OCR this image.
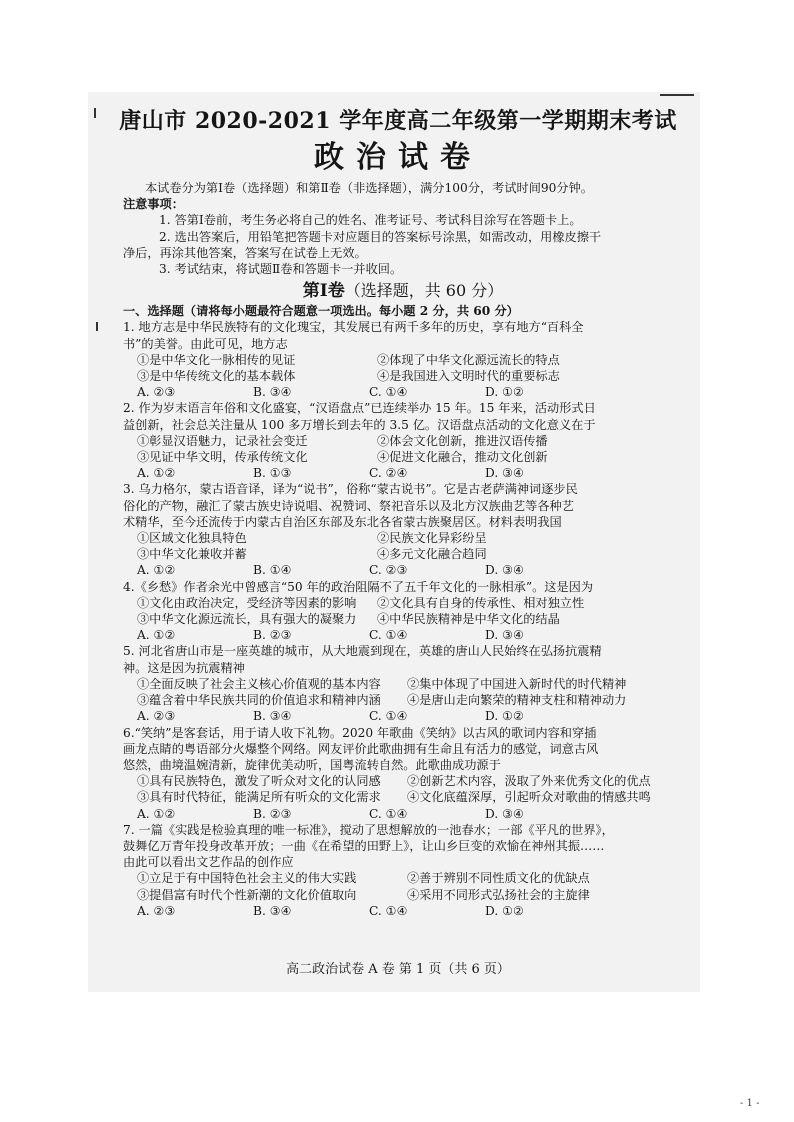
唐山市 2020-2021 学年度高二年级第一学期期末考试
政治试卷

本试卷分为第Ⅰ卷（选择题）和第Ⅱ卷（非选择题），满分100分，考试时间90分钟。

注意事项：

1. 答第Ⅰ卷前，考生务必将自己的姓名、准考证号、考试科目涂写在答题卡上。

2. 选出答案后，用铅笔把答题卡对应题目的答案标号涂黑，如需改动，用橡皮擦干

净后，再涂其他答案，答案写在试卷上无效。

3. 考试结束，将试题Ⅱ卷和答题卡一并收回。

第Ⅰ卷（选择题，共 60 分）

一、选择题（请将每小题最符合题意一项选出。每小题 2 分，共 60 分）

1. 地方志是中华民族特有的文化瑰宝，其发展已有两千多年的历史，享有地方“百科全

书”的美誉。由此可见，地方志

①是中华文化一脉相传的见证	②体现了中华文化源远流长的特点
③是中华传统文化的基本载体	④是我国进入文明时代的重要标志
A. ②③	B. ③④	C. ①④	D. ①②

2. 作为岁末语言年俗和文化盛宴，“汉语盘点”已连续举办 15 年。15 年来，活动形式日

益创新，社会总关注量从 100 多万增长到去年的 3.5 亿。汉语盘点活动的文化意义在于

①彰显汉语魅力，记录社会变迁	②体会文化创新，推进汉语传播
③见证中华文明，传承传统文化	④促进文化融合，推动文化创新
A. ①②	B. ①③	C. ②④	D. ③④

3. 乌力格尔，蒙古语音译，译为“说书”，俗称“蒙古说书”。它是古老萨满神词逐步民

俗化的产物，融汇了蒙古族史诗说唱、祝赞词、祭祀音乐以及北方汉族曲艺等各种艺

术精华，至今还流传于内蒙古自治区东部及东北各省蒙古族聚居区。材料表明我国

①区域文化独具特色	②民族文化异彩纷呈
③中华文化兼收并蓄	④多元文化融合趋同
A. ①②	B. ①④	C. ②③	D. ③④

4.《乡愁》作者余光中曾感言“50 年的政治阻隔不了五千年文化的一脉相承”。这是因为

①文化由政治决定，受经济等因素的影响	②文化具有自身的传承性、相对独立性
③中华文化源远流长，具有强大的凝聚力	④中华民族精神是中华文化的结晶
A. ①②	B. ②③	C. ①④	D. ③④

5. 河北省唐山市是一座英雄的城市，从大地震到现在，英雄的唐山人民始终在弘扬抗震精

神。这是因为抗震精神

①全面反映了社会主义核心价值观的基本内容	②集中体现了中国进入新时代的时代精神
③蕴含着中华民族共同的价值追求和精神内涵	④是唐山走向繁荣的精神支柱和精神动力
A. ②③	B. ③④	C. ①④	D. ①②

6.“笑纳”是客套话，用于请人收下礼物。2020 年歌曲《笑纳》以古风的歌词内容和穿插

画龙点睛的粤语部分火爆整个网络。网友评价此歌曲拥有生命且有活力的感觉，词意古风

悠然，曲境温婉清新，旋律优美动听，国粤流转自然。此歌曲成功源于

①具有民族特色，激发了听众对文化的认同感	②创新艺术内容，汲取了外来优秀文化的优点
③具有时代特征，能满足所有听众的文化需求	④文化底蕴深厚，引起听众对歌曲的情感共鸣
A. ①②	B. ②③	C. ①④	D. ③④

7. 一篇《实践是检验真理的唯一标准》，搅动了思想解放的一池春水；一部《平凡的世界》，

鼓舞亿万青年投身改革开放；一曲《在希望的田野上》，让山乡巨变的欢愉在神州其振……

由此可以看出文艺作品的创作应

①立足于有中国特色社会主义的伟大实践	②善于辨别不同性质文化的优缺点
③提倡富有时代个性新潮的文化价值取向	④采用不同形式弘扬社会的主旋律
A. ②③	B. ③④	C. ①④	D. ①②
高二政治试卷 A 卷 第 1 页（共 6 页）
- 1 -
